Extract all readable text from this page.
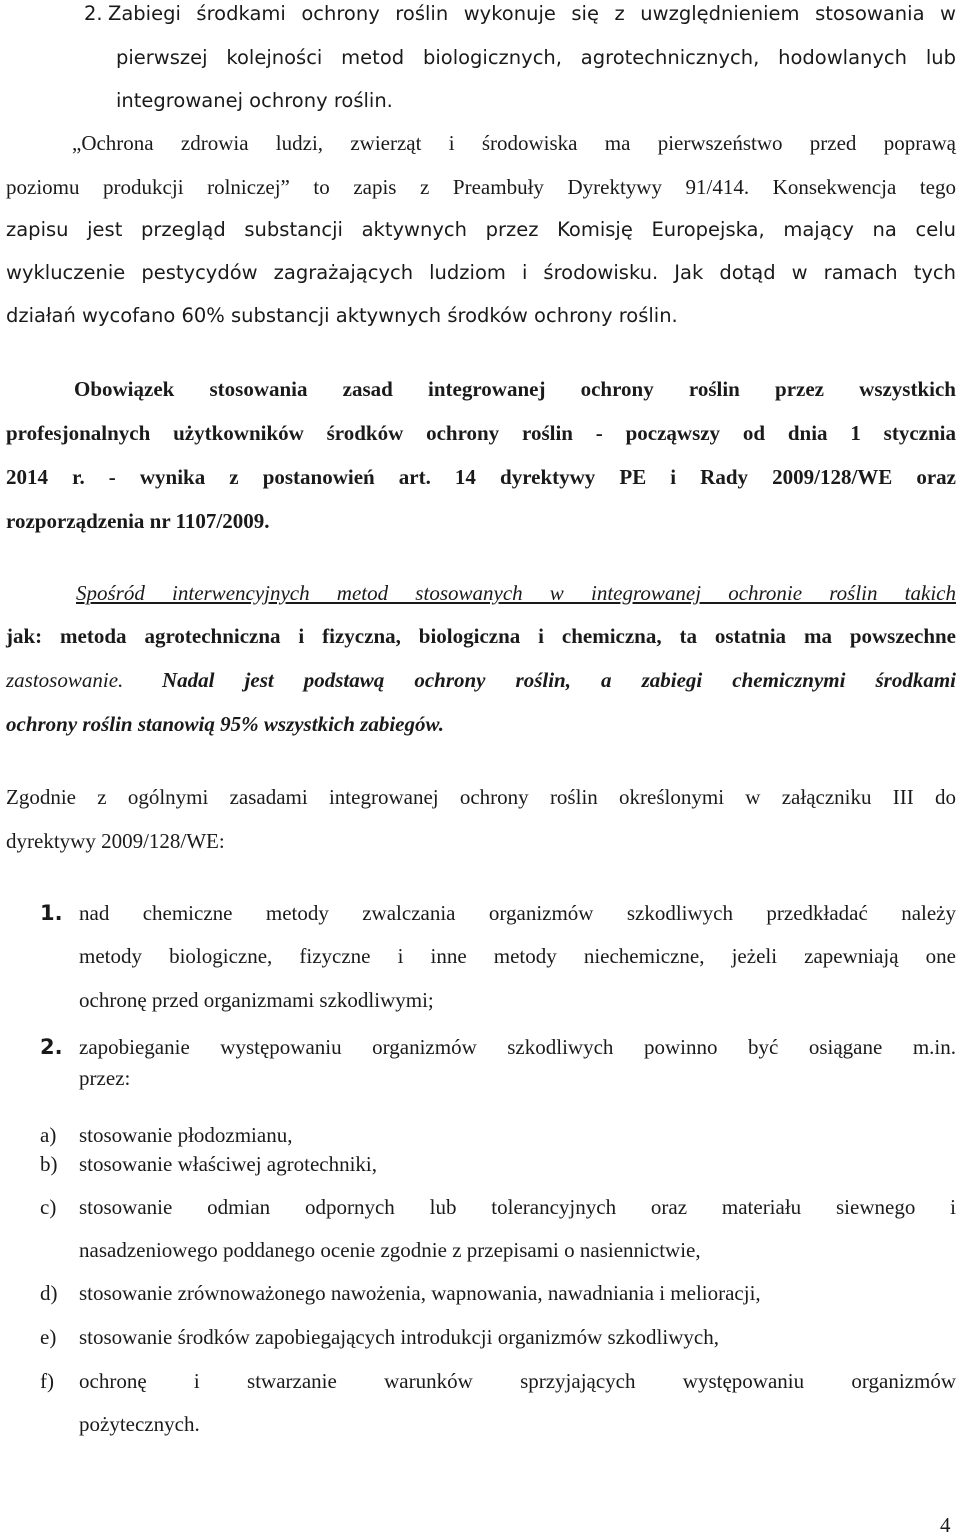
2. Zabiegi środkami ochrony roślin wykonuje się z uwzględnieniem stosowania w
pierwszej kolejności metod biologicznych, agrotechnicznych, hodowlanych lub
integrowanej ochrony roślin.
„Ochrona zdrowia ludzi, zwierząt i środowiska ma pierwszeństwo przed poprawą
poziomu produkcji rolniczej” to zapis z Preambuły Dyrektywy 91/414. Konsekwencja tego
zapisu jest przegląd substancji aktywnych przez Komisję Europejska, mający na celu
wykluczenie pestycydów zagrażających ludziom i środowisku. Jak dotąd w ramach tych
działań wycofano 60% substancji aktywnych środków ochrony roślin.
Obowiązek stosowania zasad integrowanej ochrony roślin przez wszystkich
profesjonalnych użytkowników środków ochrony roślin - począwszy od dnia 1 stycznia
2014 r. - wynika z postanowień art. 14 dyrektywy PE i Rady 2009/128/WE oraz
rozporządzenia nr 1107/2009.
Spośród interwencyjnych metod stosowanych w integrowanej ochronie roślin takich
jak: metoda agrotechniczna i fizyczna, biologiczna i chemiczna, ta ostatnia ma powszechne
zastosowanie. Nadal jest podstawą ochrony roślin, a zabiegi chemicznymi środkami
ochrony roślin stanowią 95% wszystkich zabiegów.
Zgodnie z ogólnymi zasadami integrowanej ochrony roślin określonymi w załączniku III do
dyrektywy 2009/128/WE:
1. nad chemiczne metody zwalczania organizmów szkodliwych przedkładać należy
metody biologiczne, fizyczne i inne metody niechemiczne, jeżeli zapewniają one
ochronę przed organizmami szkodliwymi;
2. zapobieganie występowaniu organizmów szkodliwych powinno być osiągane m.in.
przez:
a) stosowanie płodozmianu,
b) stosowanie właściwej agrotechniki,
c) stosowanie odmian odpornych lub tolerancyjnych oraz materiału siewnego i
nasadzeniowego poddanego ocenie zgodnie z przepisami o nasiennictwie,
d) stosowanie zrównoważonego nawożenia, wapnowania, nawadniania i melioracji,
e) stosowanie środków zapobiegających introdukcji organizmów szkodliwych,
f) ochronę i stwarzanie warunków sprzyjających występowaniu organizmów
pożytecznych.
4
